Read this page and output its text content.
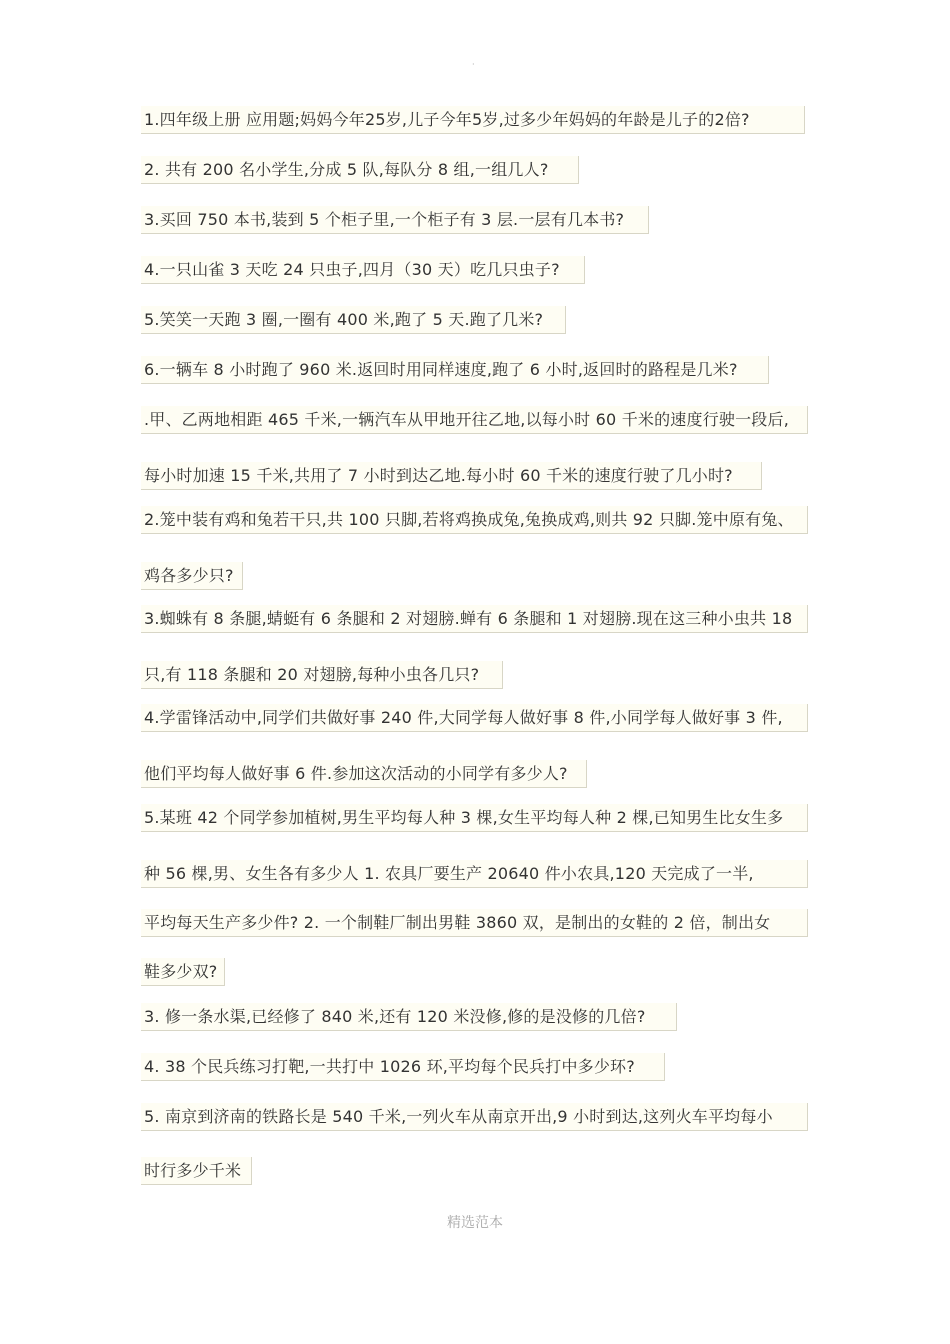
·
1.四年级上册 应用题;妈妈今年25岁,儿子今年5岁,过多少年妈妈的年龄是儿子的2倍?
2. 共有 200 名小学生,分成 5 队,每队分 8 组,一组几人?
3.买回 750 本书,装到 5 个柜子里,一个柜子有 3 层.一层有几本书?
4.一只山雀 3 天吃 24 只虫子,四月（30 天）吃几只虫子?
5.笑笑一天跑 3 圈,一圈有 400 米,跑了 5 天.跑了几米?
6.一辆车 8 小时跑了 960 米.返回时用同样速度,跑了 6 小时,返回时的路程是几米?
.甲、乙两地相距 465 千米,一辆汽车从甲地开往乙地,以每小时 60 千米的速度行驶一段后,
每小时加速 15 千米,共用了 7 小时到达乙地.每小时 60 千米的速度行驶了几小时?
2.笼中装有鸡和兔若干只,共 100 只脚,若将鸡换成兔,兔换成鸡,则共 92 只脚.笼中原有兔、
鸡各多少只?
3.蜘蛛有 8 条腿,蜻蜓有 6 条腿和 2 对翅膀.蝉有 6 条腿和 1 对翅膀.现在这三种小虫共 18
只,有 118 条腿和 20 对翅膀,每种小虫各几只?
4.学雷锋活动中,同学们共做好事 240 件,大同学每人做好事 8 件,小同学每人做好事 3 件,
他们平均每人做好事 6 件.参加这次活动的小同学有多少人?
5.某班 42 个同学参加植树,男生平均每人种 3 棵,女生平均每人种 2 棵,已知男生比女生多
种 56 棵,男、女生各有多少人 1. 农具厂要生产 20640 件小农具,120 天完成了一半,
平均每天生产多少件? 2. 一个制鞋厂制出男鞋 3860 双，是制出的女鞋的 2 倍，制出女
鞋多少双?
3. 修一条水渠,已经修了 840 米,还有 120 米没修,修的是没修的几倍?
4. 38 个民兵练习打靶,一共打中 1026 环,平均每个民兵打中多少环?
5. 南京到济南的铁路长是 540 千米,一列火车从南京开出,9 小时到达,这列火车平均每小
时行多少千米
精选范本
